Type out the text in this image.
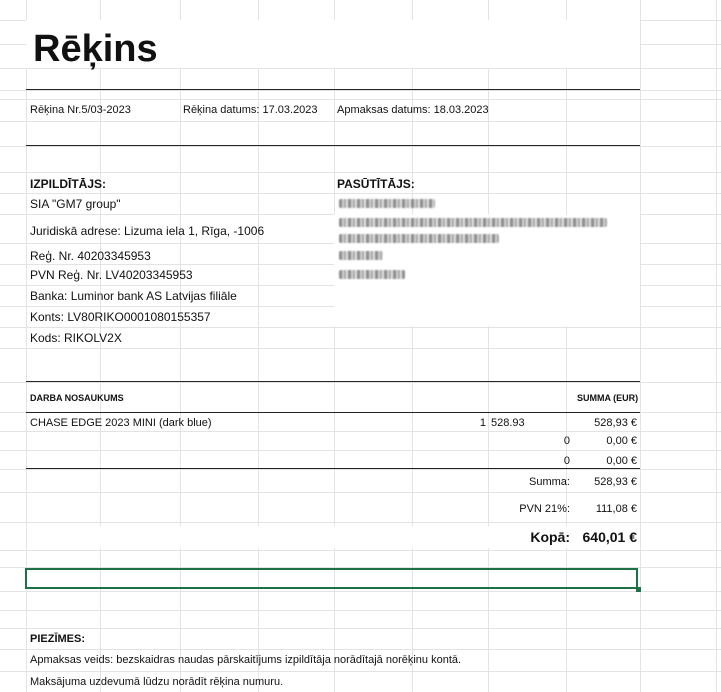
Rēķins
Rēķina Nr.5/03-2023	Rēķina datums: 17.03.2023 Apmaksas datums: 18.03.2023
IZPILDĪTĀJS:
SIA "GM7 group"
Juridiskā adrese: Lizuma iela 1, Rīga, -1006
Reģ. Nr. 40203345953
PVN Reģ. Nr. LV40203345953
Banka: Luminor bank AS Latvijas filiāle
Konts: LV80RIKO0001080155357
Kods: RIKOLV2X
PASŪTĪTĀJS:
DARBA NOSAUKUMS	SUMMA (EUR)
CHASE EDGE 2023 MINI (dark blue)	1 528.93	528,93 €
0	0,00 €
0	0,00 €
Summa:	528,93 €
PVN 21%:	111,08 €
Kopā: 640,01 €
PIEZĪMES:
Apmaksas veids: bezskaidras naudas pārskaitījums izpildītāja norādītajā norēķinu kontā.
Maksājuma uzdevumā lūdzu norādīt rēķina numuru.
